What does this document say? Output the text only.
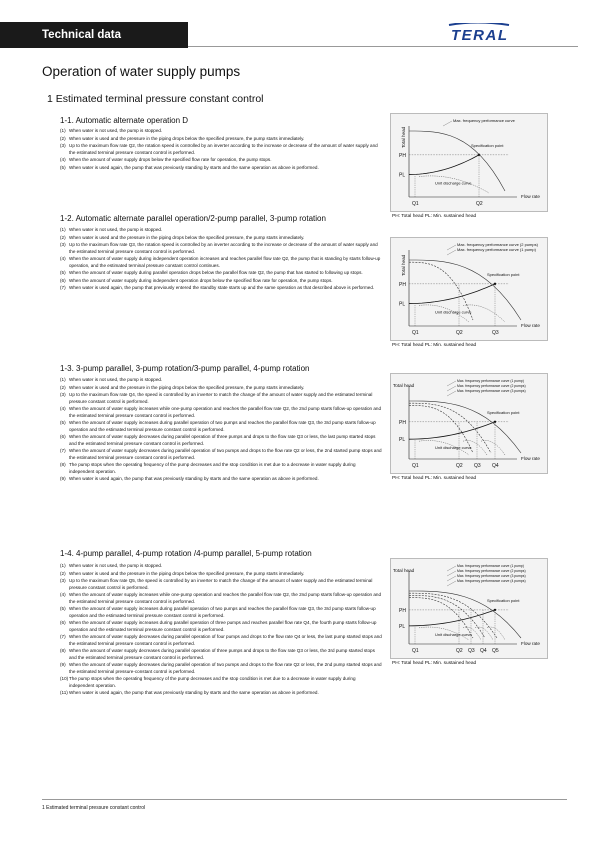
Technical data	TERAL
Operation of water supply pumps
1 Estimated terminal pressure constant control
1-1. Automatic alternate operation D
(1) When water is not used, the pump is stopped.
(2) When water is used and the pressure in the piping drops below the specified pressure, the pump starts immediately.
(3) Up to the maximum flow rate Q2, the rotation speed is controlled by an inverter according to the increase or decrease of the amount of water supply and the estimated terminal pressure constant control is performed.
(4) When the amount of water supply drops below the specified flow rate for operation, the pump stops.
(5) When water is used again, the pump that was previously standing by starts and the same operation as above is performed.
1-2. Automatic alternate parallel operation/2-pump parallel, 3-pump rotation
(1) When water is not used, the pump is stopped.
(2) When water is used and the pressure in the piping drops below the specified pressure, the pump starts immediately.
(3) Up to the maximum flow rate Q3, the rotation speed is controlled by an inverter according to the increase or decrease of the amount of water supply and the estimated terminal pressure constant control is performed.
(4) When the amount of water supply during independent operation increases and reaches parallel flow rate Q2, the pump that is standing by starts follow-up operation, and the estimated terminal pressure constant control continues.
(5) When the amount of water supply during parallel operation drops below the parallel flow rate Q2, the pump that has started to following up stops.
(6) When the amount of water supply during independent operation drops below the specified flow rate for operation, the pump stops.
(7) When water is used again, the pump that previously entered the standby state starts up and the same operation as that described above is performed.
1-3. 3-pump parallel, 3-pump rotation/3-pump parallel, 4-pump rotation
(1) When water is not used, the pump is stopped.
(2) When water is used and the pressure in the piping drops below the specified pressure, the pump starts immediately.
(3) Up to the maximum flow rate Q4, the speed is controlled by an inverter to match the change of the amount of water supply and the estimated terminal pressure constant control is performed.
(4) When the amount of water supply increases while one-pump operation and reaches the parallel flow rate Q2, the 2nd pump starts follow-up operation and the estimated terminal pressure constant control is performed.
(5) When the amount of water supply increases during parallel operation of two pumps and reaches the parallel flow rate Q3, the 3rd pump starts follow-up operation and the estimated terminal pressure constant control is performed.
(6) When the amount of water supply decreases during parallel operation of three pumps and drops to the flow rate Q3 or less, the last pump started stops and the estimated terminal pressure constant control is performed.
(7) When the amount of water supply decreases during parallel operation of two pumps and drops to the flow rate Q2 or less, the 2nd started pump stops and the estimated terminal pressure constant control is performed.
(8) The pump stops when the operating frequency of the pump decreases and the stop condition is met due to a decrease in water supply during independent operation.
(9) When water is used again, the pump that was previously standing by starts and the same operation as above is performed.
1-4. 4-pump parallel, 4-pump rotation /4-pump parallel, 5-pump rotation
(1) When water is not used, the pump is stopped.
(2) When water is used and the pressure in the piping drops below the specified pressure, the pump starts immediately.
(3) Up to the maximum flow rate Q5, the speed is controlled by an inverter to match the change of the amount of water supply and the estimated terminal pressure constant control is performed.
(4) When the amount of water supply increases while one-pump operation and reaches the parallel flow rate Q2, the 2nd pump starts follow-up operation and the estimated terminal pressure constant control is performed.
(5) When the amount of water supply increases during parallel operation of two pumps and reaches the parallel flow rate Q3, the 3rd pump starts follow-up operation and the estimated terminal pressure constant control is performed.
(6) When the amount of water supply increases during parallel operation of three pumps and reaches parallel flow rate Q4, the fourth pump starts follow-up operation and the estimated terminal pressure constant control is performed.
(7) When the amount of water supply decreases during parallel operation of four pumps and drops to the flow rate Q4 or less, the last pump started stops and the estimated terminal pressure constant control is performed.
(8) When the amount of water supply decreases during parallel operation of three pumps and drops to the flow rate Q3 or less, the 3rd pump started stops and the estimated terminal pressure constant control is performed.
(9) When the amount of water supply decreases during parallel operation of two pumps and drops to the flow rate Q2 or less, the 2nd pump started stops and the estimated terminal pressure-constant control is performed.
(10)The pump stops when the operating frequency of the pump decreases and the stop condition is met due to a decrease in water supply during independent operation.
(11)When water is used again, the pump that was previously standing by starts and the same operation as above is performed.
Total head
Flow rate
PH
PL
Max. frequency performance curve
Unit discharge curve
Specification point
Q1	Q2
PH: Total head PL: Min. sustained head
Total head
Flow rate
PH
PL
Max. frequency performance curve (2 pumps)
Max. frequency performance curve (1 pump)
Unit discharge curve
Specification point
Q1	Q2	Q3
PH: Total head PL: Min. sustained head
Total head
Flow rate
PH
PL
Max. frequency performance curve (1 pump)
Max. frequency performance curve (2 pumps)
Max. frequency performance curve (3 pumps)
Unit discharge curve
Specification point
Q1	Q2 Q3 Q4
PH: Total head PL: Min. sustained head
Total head
Flow rate
PH
PL
Max. frequency performance curve (1 pump)
Max. frequency performance curve (2 pumps)
Max. frequency performance curve (3 pumps)
Max. frequency performance curve (4 pumps)
Unit discharge curve
Specification point
Q1	Q2 Q3 Q4 Q5
PH: Total head PL: Min. sustained head
1 Estimated terminal pressure constant control
